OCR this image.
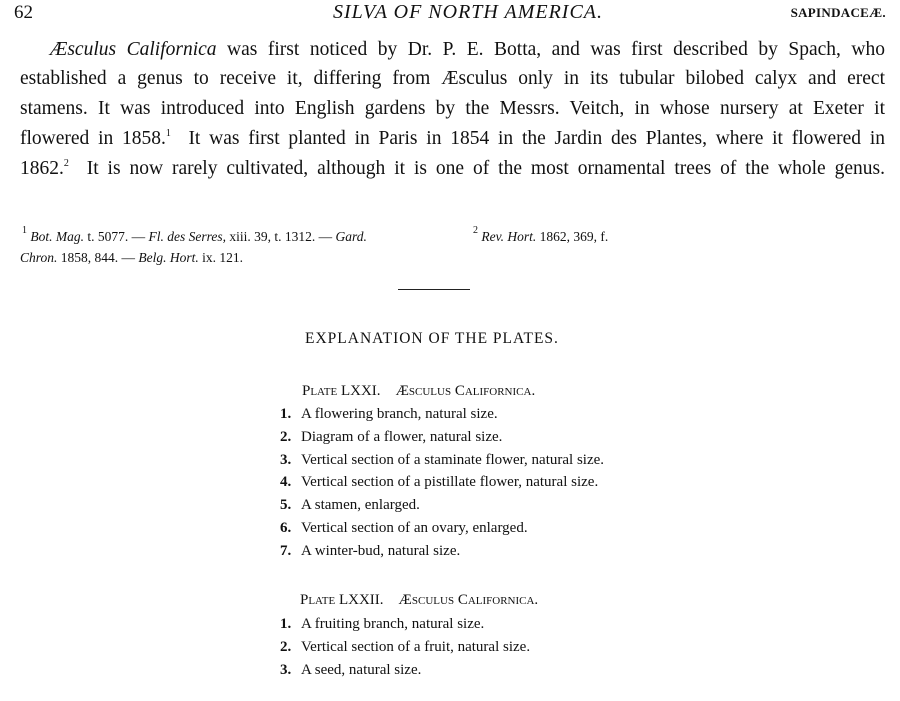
62	SILVA OF NORTH AMERICA.	SAPINDACEÆ.
Æsculus Californica was first noticed by Dr. P. E. Botta, and was first described by Spach, who
established a genus to receive it, differing from Æsculus only in its tubular bilobed calyx and erect
stamens. It was introduced into English gardens by the Messrs. Veitch, in whose nursery at Exeter it
flowered in 1858.$^1$  It was first planted in Paris in 1854 in the Jardin des Plantes, where it flowered in
1862.$^2$  It is now rarely cultivated, although it is one of the most ornamental trees of the whole genus.
$^1$ Bot. Mag. t. 5077. — Fl. des Serres, xiii. 39, t. 1312. — Gard.
Chron. 1858, 844. — Belg. Hort. ix. 121.
$^2$ Rev. Hort. 1862, 369, f.
EXPLANATION OF THE PLATES.
Plate LXXI. Æsculus Californica.
1. A flowering branch, natural size.
2. Diagram of a flower, natural size.
3. Vertical section of a staminate flower, natural size.
4. Vertical section of a pistillate flower, natural size.
5. A stamen, enlarged.
6. Vertical section of an ovary, enlarged.
7. A winter-bud, natural size.
Plate LXXII. Æsculus Californica.
1. A fruiting branch, natural size.
2. Vertical section of a fruit, natural size.
3. A seed, natural size.
